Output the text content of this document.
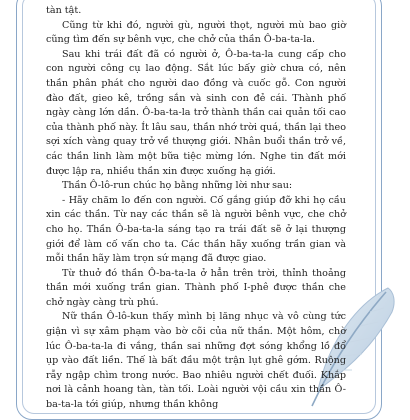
tàn tật.

Cũng từ khi đó, người gù, người thọt, người mù bao giờ cũng tìm đến sự bênh vực, che chở của thần Ô-ba-ta-la.

Sau khi trái đất đã có người ở, Ô-ba-ta-la cung cấp cho con người công cụ lao động. Sắt lúc bấy giờ chưa có, nên thần phân phát cho người dao đồng và cuốc gỗ. Con người đào đất, gieo kê, trồng sắn và sinh con đẻ cái. Thành phố ngày càng lớn dần. Ô-ba-ta-la trở thành thần cai quản tối cao của thành phố này. Ít lâu sau, thần nhớ trời quá, thần lại theo sợi xích vàng quay trở về thượng giới. Nhân buổi thần trở về, các thần linh làm một bữa tiệc mừng lớn. Nghe tin đất mới được lập ra, nhiều thần xin được xuống hạ giới.

Thần Ô-lô-run chúc họ bằng những lời như sau:

- Hãy chăm lo đến con người. Cố gắng giúp đỡ khi họ cầu xin các thần. Từ nay các thần sẽ là người bênh vực, che chở cho họ. Thần Ô-ba-ta-la sáng tạo ra trái đất sẽ ở lại thượng giới để làm cố vấn cho ta. Các thần hãy xuống trần gian và mỗi thần hãy làm trọn sứ mạng đã được giao.

Từ thuở đó thần Ô-ba-ta-la ở hẳn trên trời, thỉnh thoảng thần mới xuống trần gian. Thành phố I-phê được thần che chở ngày càng trù phú.

Nữ thần Ô-lô-kun thấy mình bị lăng nhục và vô cùng tức giận vì sự xâm phạm vào bờ cõi của nữ thần. Một hôm, chờ lúc Ô-ba-ta-la đi vắng, thần sai những đợt sóng khổng lồ đổ ụp vào đất liền. Thế là bất đầu một trận lụt ghê gớm. Ruộng rẫy ngập chìm trong nước. Bao nhiêu người chết đuối. Khắp nơi là cảnh hoang tàn, tàn tối. Loài người vội cầu xin thần Ô-ba-ta-la tới giúp, nhưng thần không
